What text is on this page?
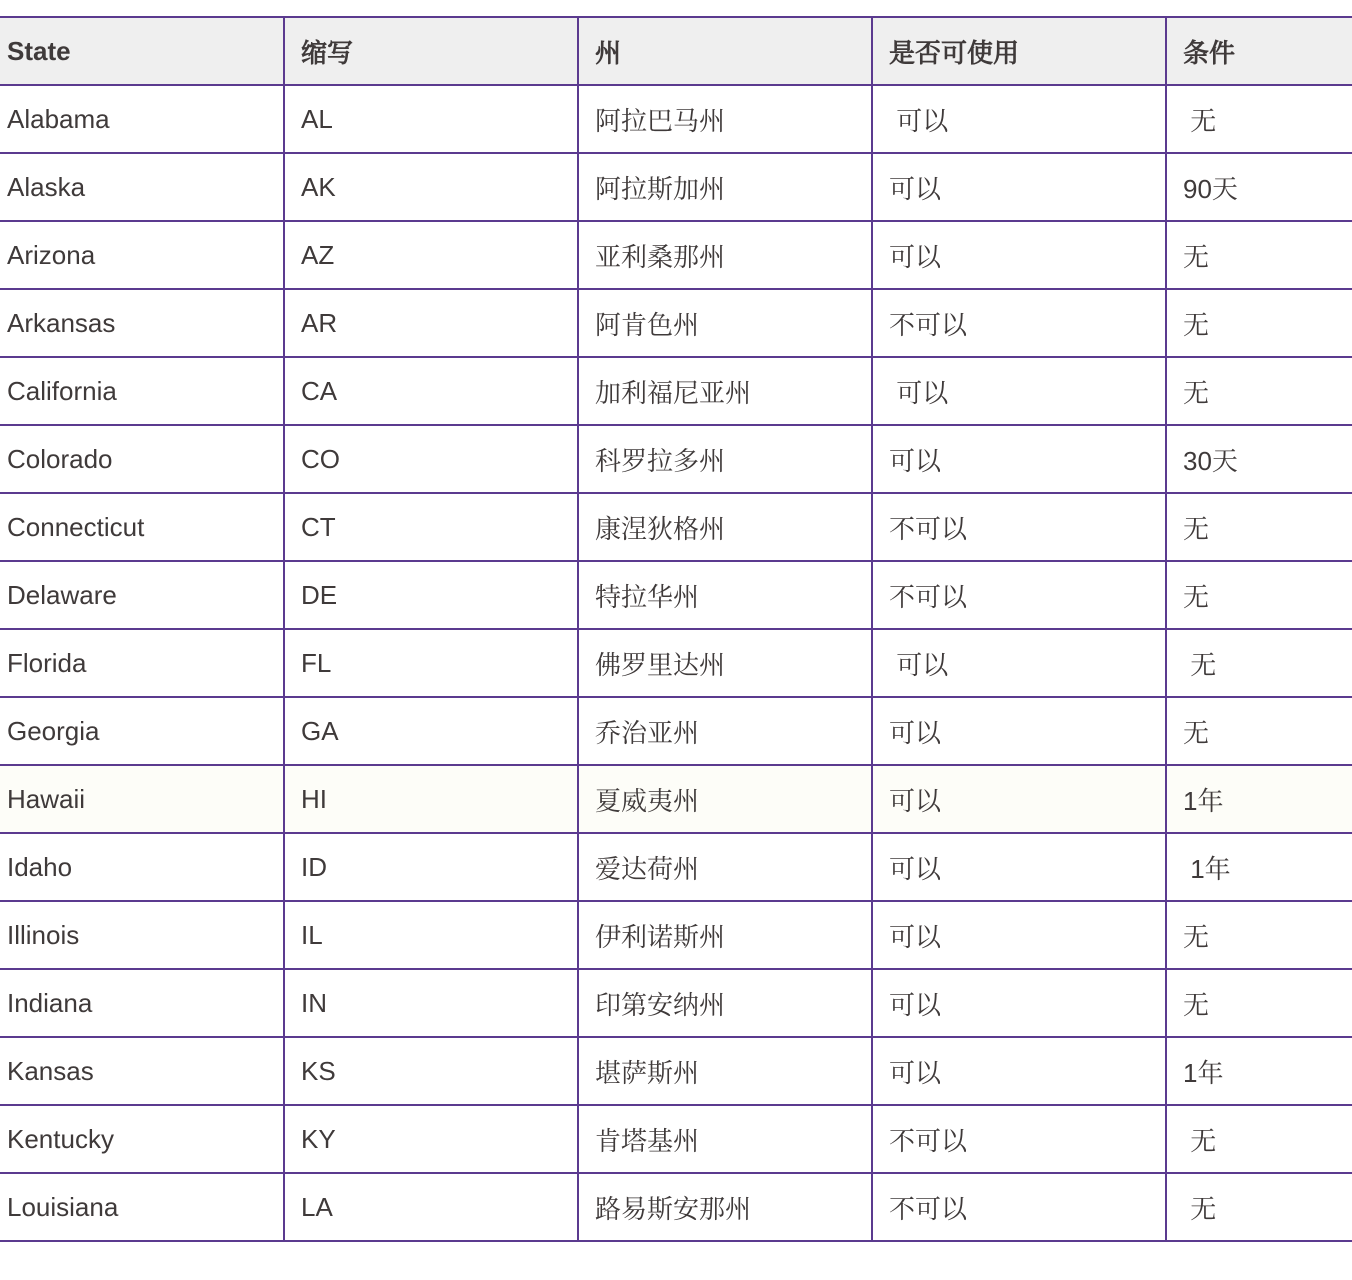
State	缩写	州	是否可使用	条件
Alabama	AL	阿拉巴马州	可以	无
Alaska	AK	阿拉斯加州	可以	90天
Arizona	AZ	亚利桑那州	可以	无
Arkansas	AR	阿肯色州	不可以	无
California	CA	加利福尼亚州	可以	无
Colorado	CO	科罗拉多州	可以	30天
Connecticut	CT	康涅狄格州	不可以	无
Delaware	DE	特拉华州	不可以	无
Florida	FL	佛罗里达州	可以	无
Georgia	GA	乔治亚州	可以	无
Hawaii	HI	夏威夷州	可以	1年
Idaho	ID	爱达荷州	可以	1年
Illinois	IL	伊利诺斯州	可以	无
Indiana	IN	印第安纳州	可以	无
Kansas	KS	堪萨斯州	可以	1年
Kentucky	KY	肯塔基州	不可以	无
Louisiana	LA	路易斯安那州	不可以	无
